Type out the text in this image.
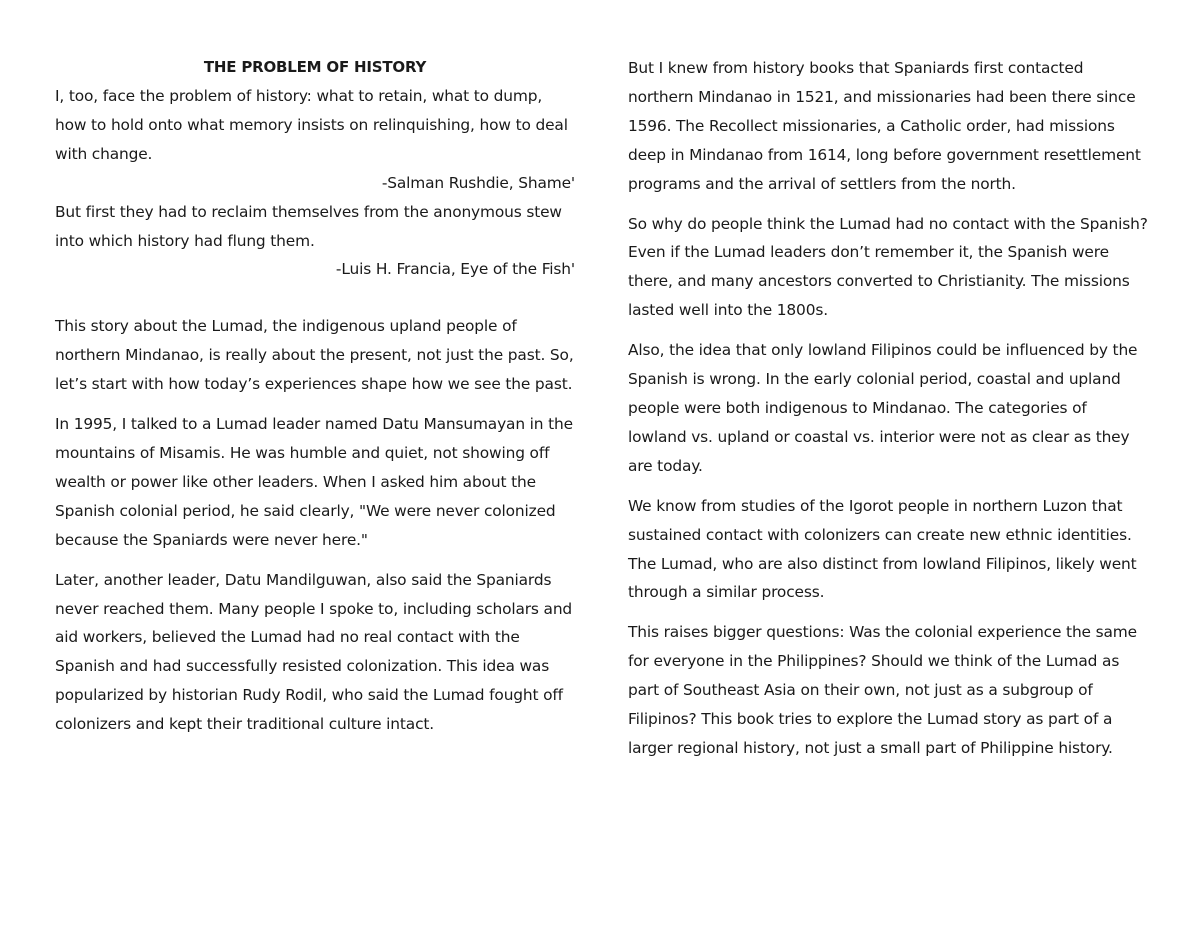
THE PROBLEM OF HISTORY

I, too, face the problem of history: what to retain, what to dump, how to hold onto what memory insists on relinquishing, how to deal with change.

-Salman Rushdie, Shame'

But first they had to reclaim themselves from the anonymous stew into which history had flung them.

-Luis H. Francia, Eye of the Fish'

This story about the Lumad, the indigenous upland people of northern Mindanao, is really about the present, not just the past. So, let’s start with how today’s experiences shape how we see the past.

In 1995, I talked to a Lumad leader named Datu Mansumayan in the mountains of Misamis. He was humble and quiet, not showing off wealth or power like other leaders. When I asked him about the Spanish colonial period, he said clearly, "We were never colonized because the Spaniards were never here."

Later, another leader, Datu Mandilguwan, also said the Spaniards never reached them. Many people I spoke to, including scholars and aid workers, believed the Lumad had no real contact with the Spanish and had successfully resisted colonization. This idea was popularized by historian Rudy Rodil, who said the Lumad fought off colonizers and kept their traditional culture intact.

But I knew from history books that Spaniards first contacted northern Mindanao in 1521, and missionaries had been there since 1596. The Recollect missionaries, a Catholic order, had missions deep in Mindanao from 1614, long before government resettlement programs and the arrival of settlers from the north.

So why do people think the Lumad had no contact with the Spanish? Even if the Lumad leaders don’t remember it, the Spanish were there, and many ancestors converted to Christianity. The missions lasted well into the 1800s.

Also, the idea that only lowland Filipinos could be influenced by the Spanish is wrong. In the early colonial period, coastal and upland people were both indigenous to Mindanao. The categories of lowland vs. upland or coastal vs. interior were not as clear as they are today.

We know from studies of the Igorot people in northern Luzon that sustained contact with colonizers can create new ethnic identities. The Lumad, who are also distinct from lowland Filipinos, likely went through a similar process.

This raises bigger questions: Was the colonial experience the same for everyone in the Philippines? Should we think of the Lumad as part of Southeast Asia on their own, not just as a subgroup of Filipinos? This book tries to explore the Lumad story as part of a larger regional history, not just a small part of Philippine history.
